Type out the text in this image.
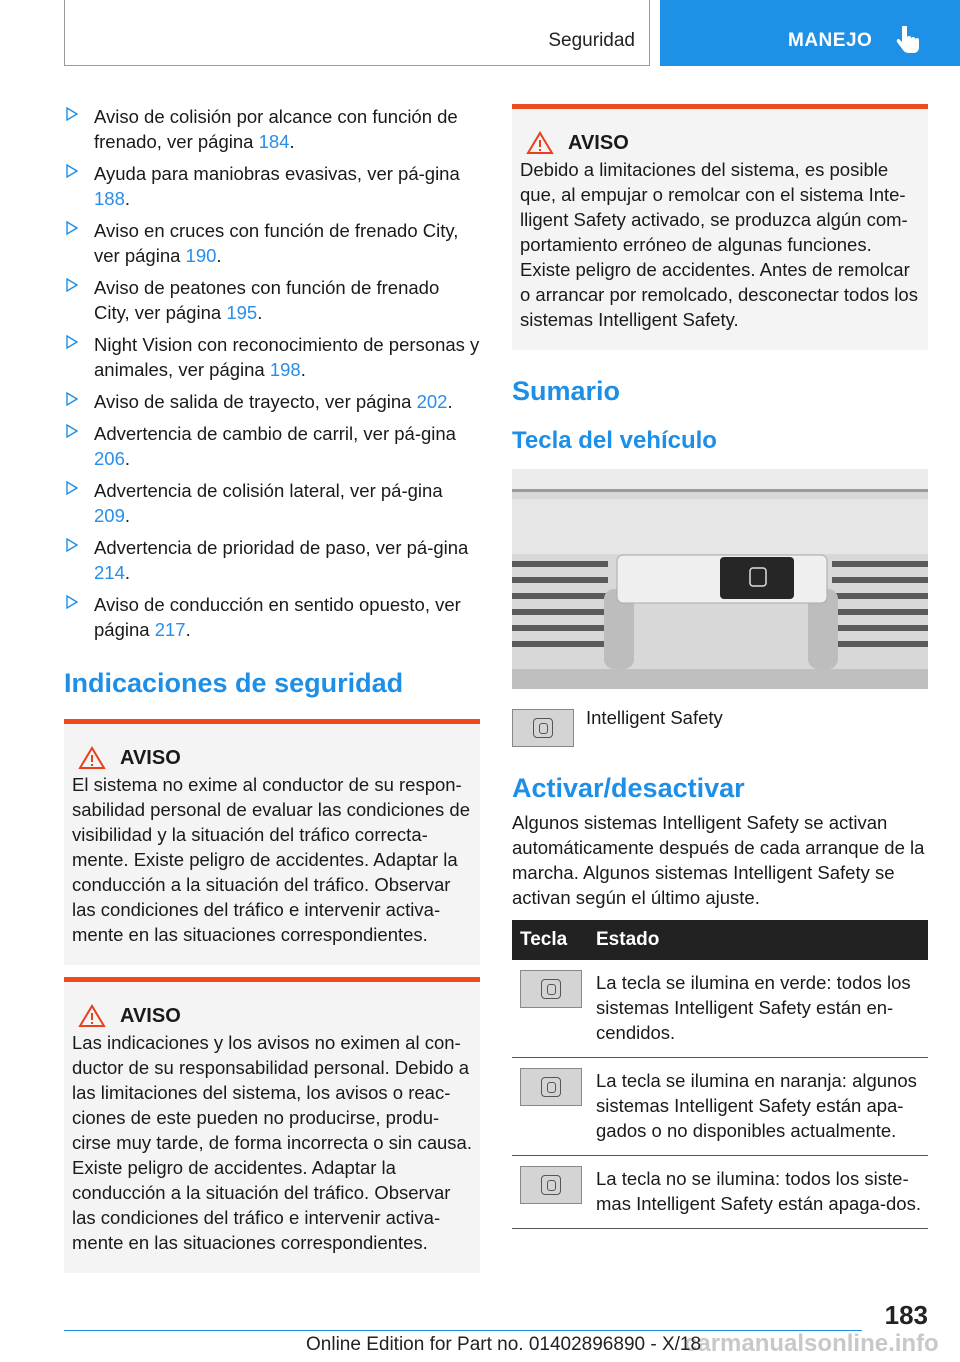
Seguridad	MANEJO
Aviso de colisión por alcance con función de frenado, ver página 184.
Ayuda para maniobras evasivas, ver pá‐gina 188.
Aviso en cruces con función de frenado City, ver página 190.
Aviso de peatones con función de frenado City, ver página 195.
Night Vision con reconocimiento de personas y animales, ver página 198.
Aviso de salida de trayecto, ver página 202.
Advertencia de cambio de carril, ver pá‐gina 206.
Advertencia de colisión lateral, ver pá‐gina 209.
Advertencia de prioridad de paso, ver pá‐gina 214.
Aviso de conducción en sentido opuesto, ver página 217.
Indicaciones de seguridad
AVISO

El sistema no exime al conductor de su respon‐sabilidad personal de evaluar las condiciones de visibilidad y la situación del tráfico correcta‐mente. Existe peligro de accidentes. Adaptar la conducción a la situación del tráfico. Observar las condiciones del tráfico e intervenir activa‐mente en las situaciones correspondientes.

AVISO

Las indicaciones y los avisos no eximen al con‐ductor de su responsabilidad personal. Debido a las limitaciones del sistema, los avisos o reac‐ciones de este pueden no producirse, produ‐cirse muy tarde, de forma incorrecta o sin causa. Existe peligro de accidentes. Adaptar la conducción a la situación del tráfico. Observar las condiciones del tráfico e intervenir activa‐mente en las situaciones correspondientes.

AVISO

Debido a limitaciones del sistema, es posible que, al empujar o remolcar con el sistema Inte‐lligent Safety activado, se produzca algún com‐portamiento erróneo de algunas funciones. Existe peligro de accidentes. Antes de remolcar o arrancar por remolcado, desconectar todos los sistemas Intelligent Safety.

Sumario
Tecla del vehículo
Intelligent Safety
Activar/desactivar

Algunos sistemas Intelligent Safety se activan automáticamente después de cada arranque de la marcha. Algunos sistemas Intelligent Safety se activan según el último ajuste.

Tecla	Estado

	La tecla se ilumina en verde: todos los sistemas Intelligent Safety están en‐cendidos.

	La tecla se ilumina en naranja: algunos sistemas Intelligent Safety están apa‐gados o no disponibles actualmente.

	La tecla no se ilumina: todos los siste‐mas Intelligent Safety están apaga‐dos.
183
carmanualsonline.info
Online Edition for Part no. 01402896890 - X/18
